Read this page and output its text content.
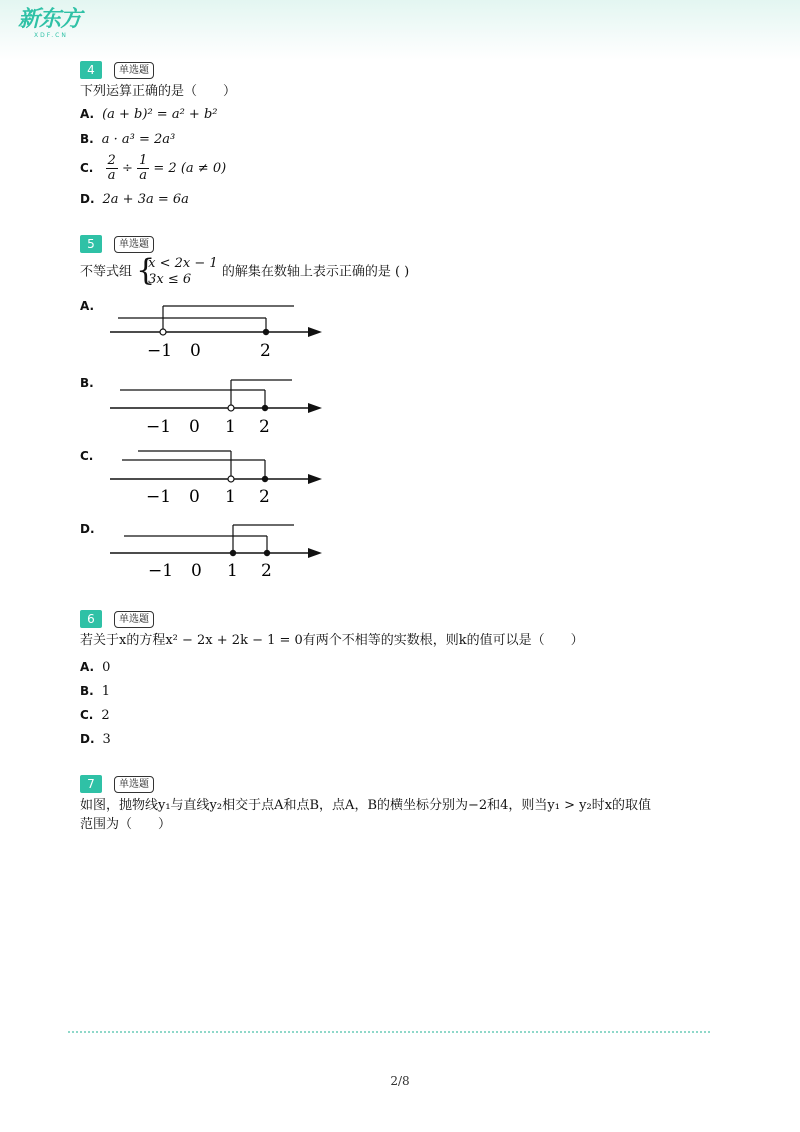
新东方
XDF.CN
4	单选题
下列运算正确的是（　　）
A. (a + b)² = a² + b²
B. a · a³ = 2a³
C. $\frac{2}{a} \div \frac{1}{a} = 2$ (a ≠ 0)
D. 2a + 3a = 6a
5	单选题
不等式组 {
x < 2x − 1
3x ≤ 6	的解集在数轴上表示正确的是 ( )
A.
−1 0	2
B.
−1 0 1 2
C.
−1 0 1 2
D.
−1 0 1 2
6	单选题
若关于x的方程x² − 2x + 2k − 1 = 0有两个不相等的实数根，则k的值可以是（　　）
A. 0
B. 1
C. 2
D. 3
7	单选题
如图，抛物线y₁与直线y₂相交于点A和点B，点A，B的横坐标分别为−2和4，则当y₁ > y₂时x的取值
范围为（　　）
2/8
